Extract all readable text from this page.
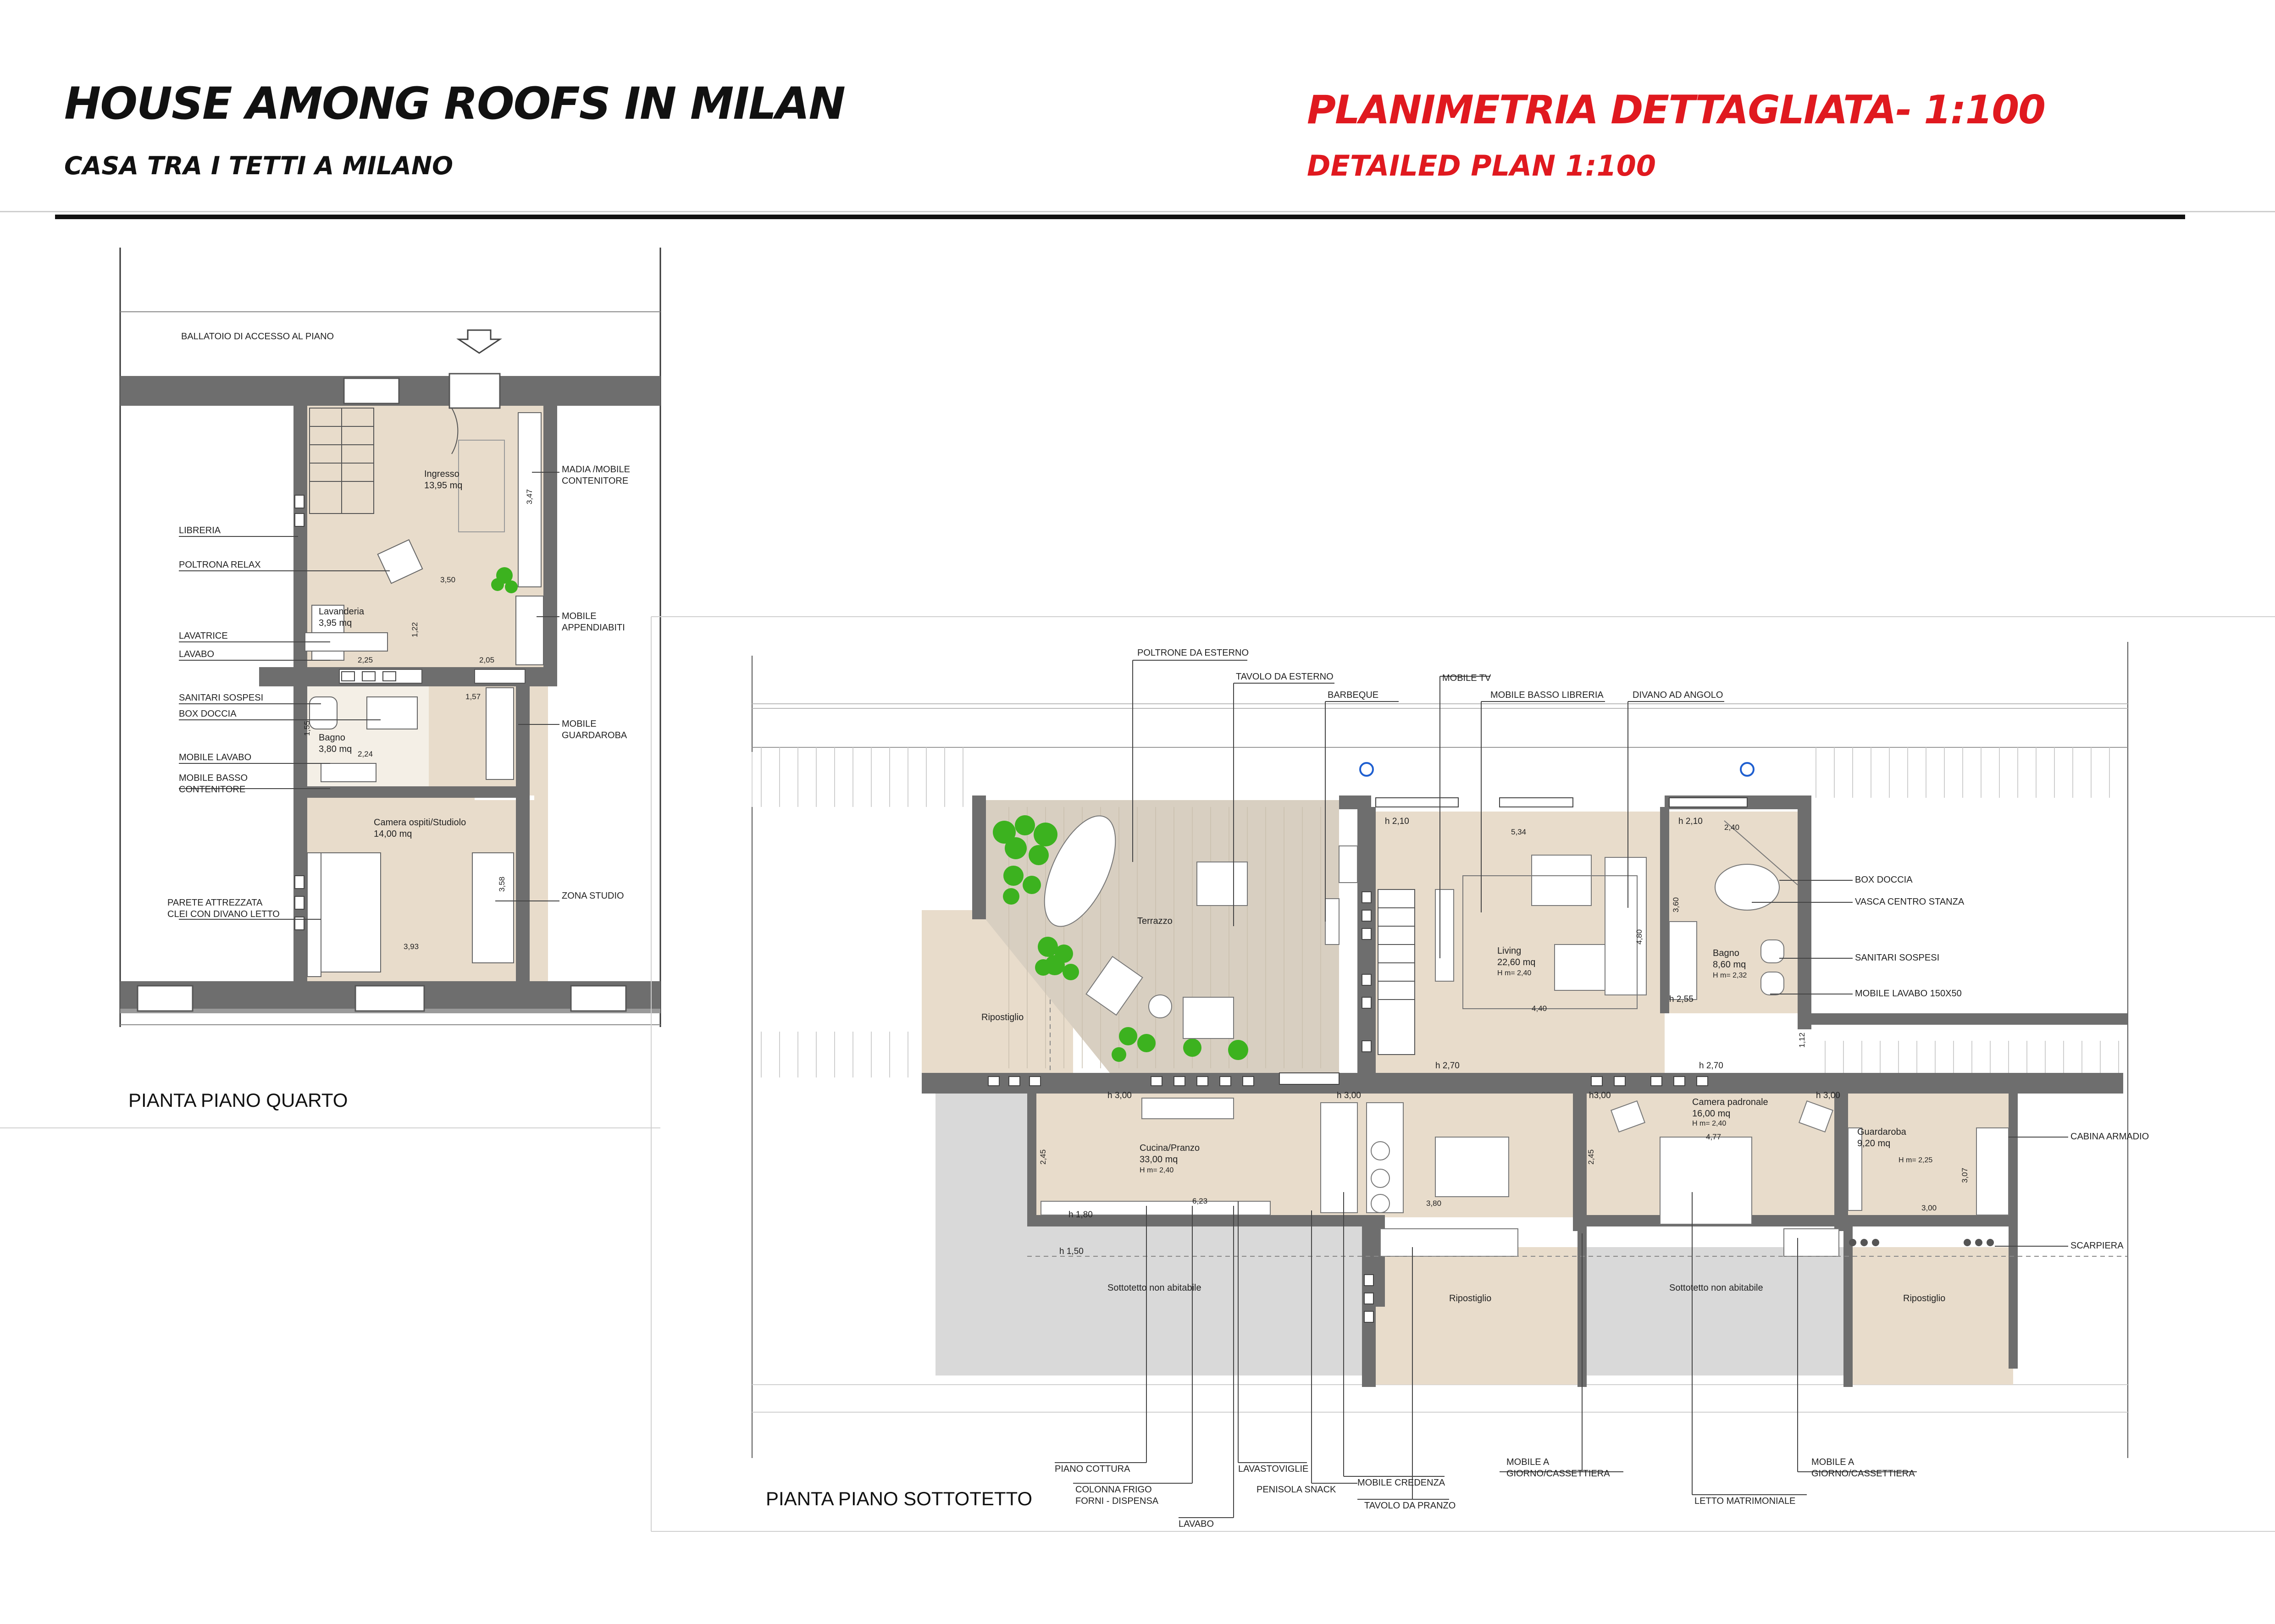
HOUSE AMONG ROOFS IN MILAN
CASA TRA I TETTI A MILANO
PLANIMETRIA DETTAGLIATA- 1:100
DETAILED PLAN 1:100
BALLATOIO DI ACCESSO AL PIANO
LIBRERIA
POLTRONA RELAX
LAVATRICE
LAVABO
SANITARI SOSPESI
BOX DOCCIA
MOBILE LAVABO
MOBILE BASSO
CONTENITORE
PARETE ATTREZZATA
CLEI CON DIVANO LETTO
MADIA /MOBILE
CONTENITORE
MOBILE
APPENDIABITI
MOBILE
GUARDAROBA
ZONA STUDIO
Ingresso
13,95 mq
Lavanderia
3,95 mq
Bagno
3,80 mq
Camera ospiti/Studiolo
14,00 mq
3,47
3,50
1,22
2,25	2,05
1,57
1,55
2,24
3,58
3,93
POLTRONE DA ESTERNO
TAVOLO DA ESTERNO
BARBEQUE
MOBILE TV
MOBILE BASSO LIBRERIA	DIVANO AD ANGOLO
BOX DOCCIA
VASCA CENTRO STANZA
SANITARI SOSPESI
MOBILE LAVABO 150X50
CABINA ARMADIO
SCARPIERA
PIANO COTTURA
COLONNA FRIGO
FORNI - DISPENSA
LAVABO
LAVASTOVIGLIE
PENISOLA SNACK
MOBILE CREDENZA
TAVOLO DA PRANZO
MOBILE A
GIORNO/CASSETTIERA
LETTO MATRIMONIALE
MOBILE A
GIORNO/CASSETTIERA
Terrazzo
Ripostiglio
Living
22,60 mq
H m= 2,40
Bagno
8,60 mq
H m= 2,32
Cucina/Pranzo
33,00 mq
H m= 2,40
Camera padronale
16,00 mq
H m= 2,40
Guardaroba
9,20 mq
H m= 2,25
Sottotetto non abitabile	Sottotetto non abitabile
Ripostiglio	Ripostiglio
h 2,10	h 2,10
h 2,55
h 2,70	h 2,70
h 3,00	h 3,00	h3,00	h 3,00
h 1,80
h 1,50
5,34
2,40
3,60
4,80
4,40
1,12
2,45
6,23	3,80
2,45
4,77
3,07
3,00
PIANTA PIANO QUARTO
PIANTA PIANO SOTTOTETTO
